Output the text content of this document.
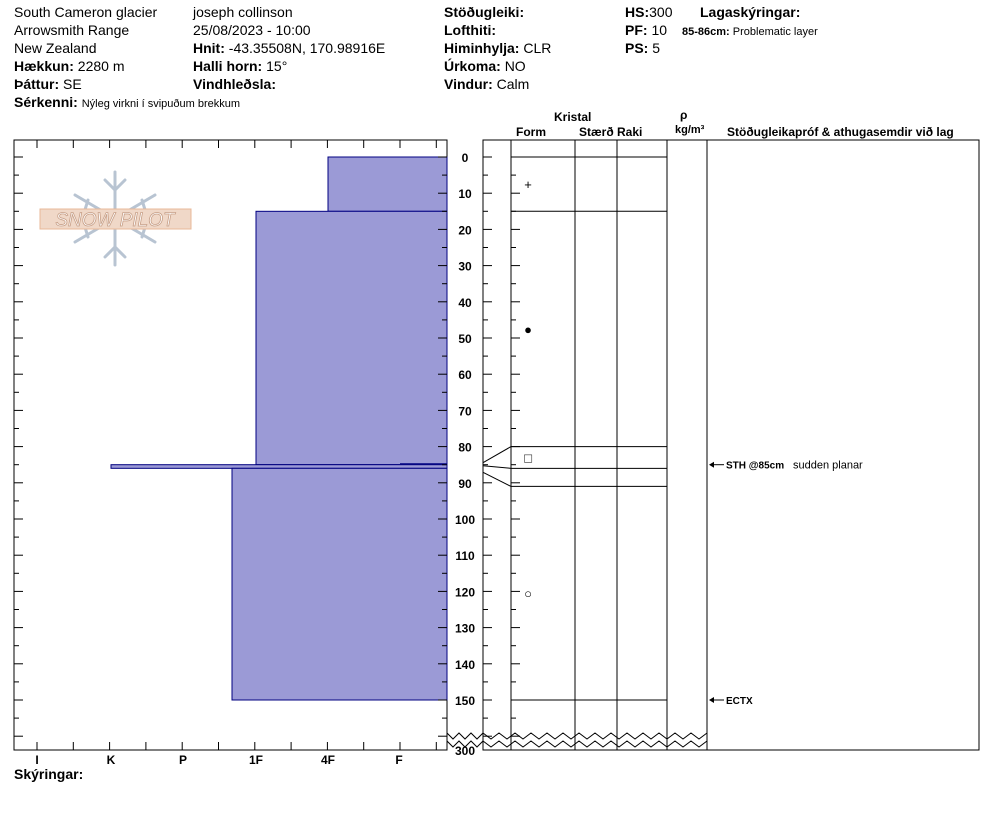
South Cameron glacier
Arrowsmith Range
New Zealand
Hækkun: 2280 m
Þáttur: SE
Sérkenni: Nýleg virkni í svipuðum brekkum
joseph collinson
25/08/2023 - 10:00
Hnit: -43.35508N, 170.98916E
Halli horn: 15°
Vindhleðsla:
Stöðugleiki:
Lofthiti:
Himinhylja: CLR
Úrkoma: NO
Vindur: Calm
HS:300
PF: 10
PS: 5
Lagaskýringar:
85-86cm: Problematic layer
Kristal
Form	Stærð Raki
ρ
kg/m³ Stöðugleikapróf & athugasemdir við lag
Skýringar:
SNOW PILOT
0
10
20
30
40
50
60
70
80
90
100
110
120
130
140
150
300
I	K	P	1F	4F	F
+
●
□
○
STH @85cm sudden planar
ECTX
